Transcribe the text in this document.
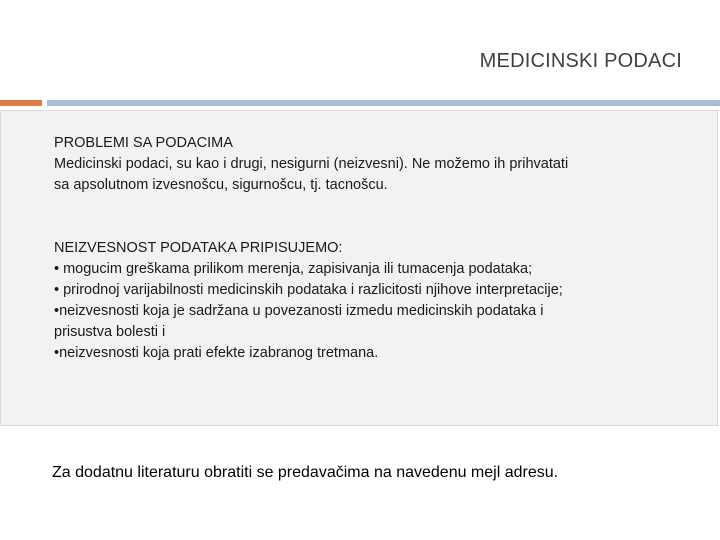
MEDICINSKI PODACI
PROBLEMI SA PODACIMA
Medicinski podaci, su kao i drugi, nesigurni (neizvesni). Ne možemo ih prihvatati
sa apsolutnom izvesnošcu, sigurnošcu, tj. tacnošcu.
NEIZVESNOST PODATAKA PRIPISUJEMO:
• mogucim greškama prilikom merenja, zapisivanja ili tumacenja podataka;
• prirodnoj varijabilnosti medicinskih podataka i razlicitosti njihove interpretacije;
•neizvesnosti koja je sadržana u povezanosti izmedu medicinskih podataka i
prisustva bolesti i
•neizvesnosti koja prati efekte izabranog tretmana.
Za dodatnu literaturu obratiti se predavačima na navedenu mejl adresu.
